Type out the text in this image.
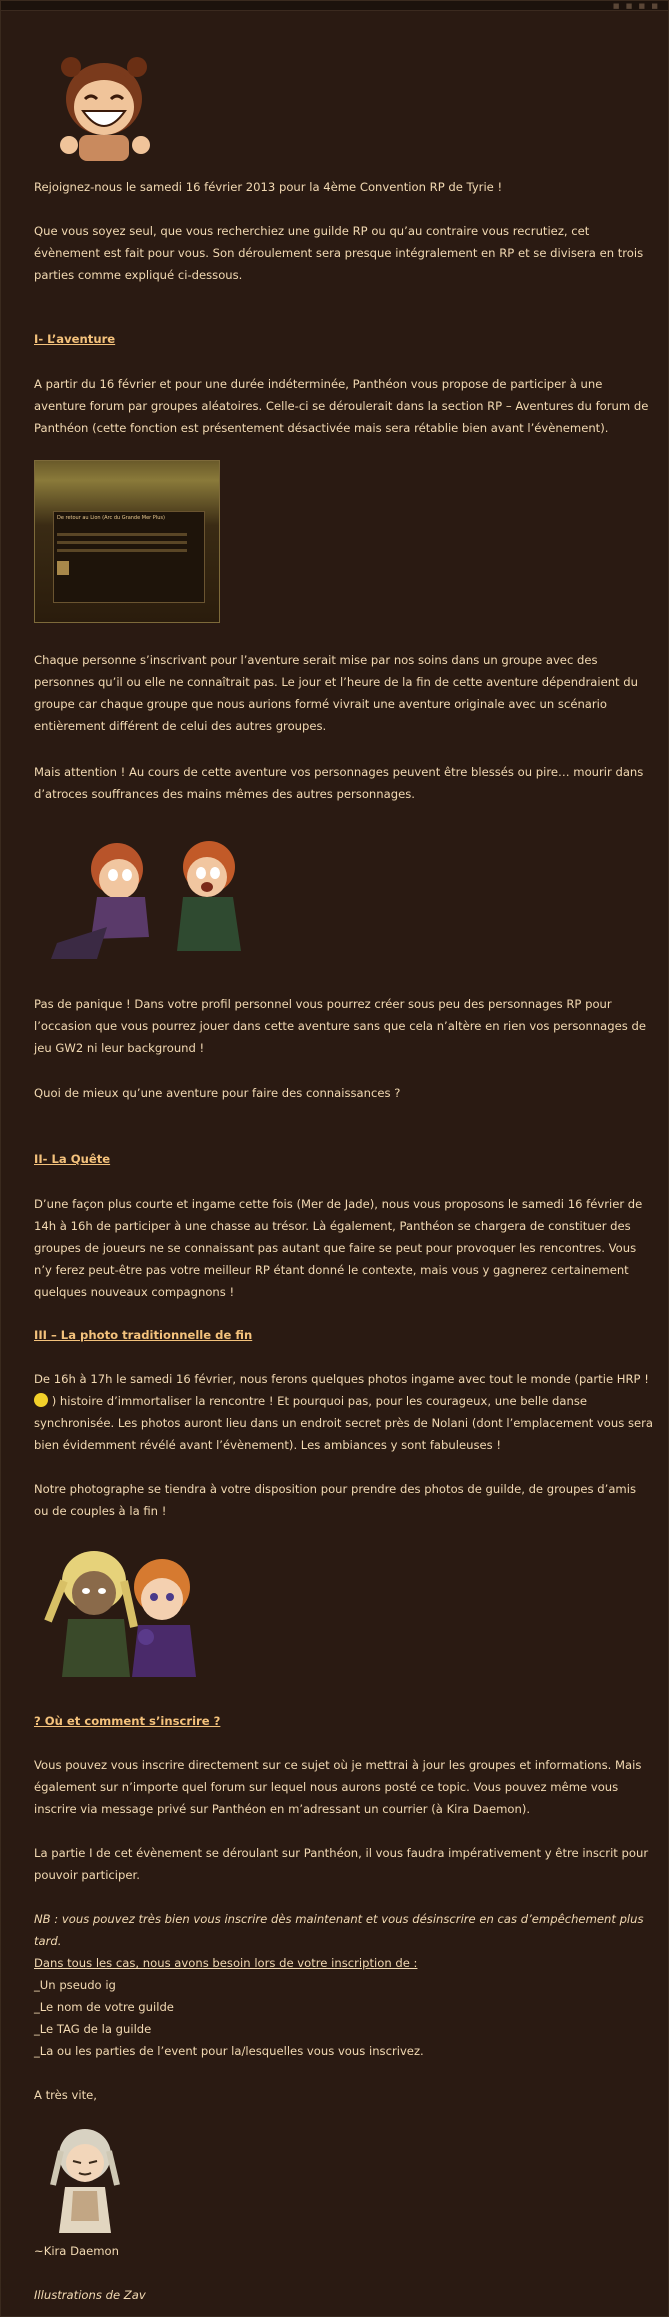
■ ■ ■ ■
De retour au Lion (Arc du Grande Mer Plus)

Rejoignez-nous le samedi 16 février 2013 pour la 4ème Convention RP de Tyrie !

Que vous soyez seul, que vous recherchiez une guilde RP ou qu’au contraire vous recrutiez, cet évènement est fait pour vous. Son déroulement sera presque intégralement en RP et se divisera en trois parties comme expliqué ci-dessous.

I- L’aventure

A partir du 16 février et pour une durée indéterminée, Panthéon vous propose de participer à une aventure forum par groupes aléatoires. Celle-ci se déroulerait dans la section RP – Aventures du forum de Panthéon (cette fonction est présentement désactivée mais sera rétablie bien avant l’évènement).

Chaque personne s’inscrivant pour l’aventure serait mise par nos soins dans un groupe avec des personnes qu’il ou elle ne connaîtrait pas. Le jour et l’heure de la fin de cette aventure dépendraient du groupe car chaque groupe que nous aurions formé vivrait une aventure originale avec un scénario entièrement différent de celui des autres groupes.

Mais attention ! Au cours de cette aventure vos personnages peuvent être blessés ou pire… mourir dans d’atroces souffrances des mains mêmes des autres personnages.

Pas de panique ! Dans votre profil personnel vous pourrez créer sous peu des personnages RP pour l’occasion que vous pourrez jouer dans cette aventure sans que cela n’altère en rien vos personnages de jeu GW2 ni leur background !

Quoi de mieux qu’une aventure pour faire des connaissances ?

II- La Quête

D’une façon plus courte et ingame cette fois (Mer de Jade), nous vous proposons le samedi 16 février de 14h à 16h de participer à une chasse au trésor. Là également, Panthéon se chargera de constituer des groupes de joueurs ne se connaissant pas autant que faire se peut pour provoquer les rencontres. Vous n’y ferez peut-être pas votre meilleur RP étant donné le contexte, mais vous y gagnerez certainement quelques nouveaux compagnons !

III – La photo traditionnelle de fin

De 16h à 17h le samedi 16 février, nous ferons quelques photos ingame avec tout le monde (partie HRP !  ) histoire d’immortaliser la rencontre ! Et pourquoi pas, pour les courageux, une belle danse synchronisée. Les photos auront lieu dans un endroit secret près de Nolani (dont l’emplacement vous sera bien évidemment révélé avant l’évènement). Les ambiances y sont fabuleuses !

Notre photographe se tiendra à votre disposition pour prendre des photos de guilde, de groupes d’amis ou de couples à la fin !

? Où et comment s’inscrire ?

Vous pouvez vous inscrire directement sur ce sujet où je mettrai à jour les groupes et informations. Mais également sur n’importe quel forum sur lequel nous aurons posté ce topic. Vous pouvez même vous inscrire via message privé sur Panthéon en m’adressant un courrier (à Kira Daemon).

La partie I de cet évènement se déroulant sur Panthéon, il vous faudra impérativement y être inscrit pour pouvoir participer.

NB : vous pouvez très bien vous inscrire dès maintenant et vous désinscrire en cas d’empêchement plus tard.

Dans tous les cas, nous avons besoin lors de votre inscription de :

_Un pseudo ig

_Le nom de votre guilde

_Le TAG de la guilde

_La ou les parties de l’event pour la/lesquelles vous vous inscrivez.

A très vite,

~Kira Daemon

Illustrations de Zav
